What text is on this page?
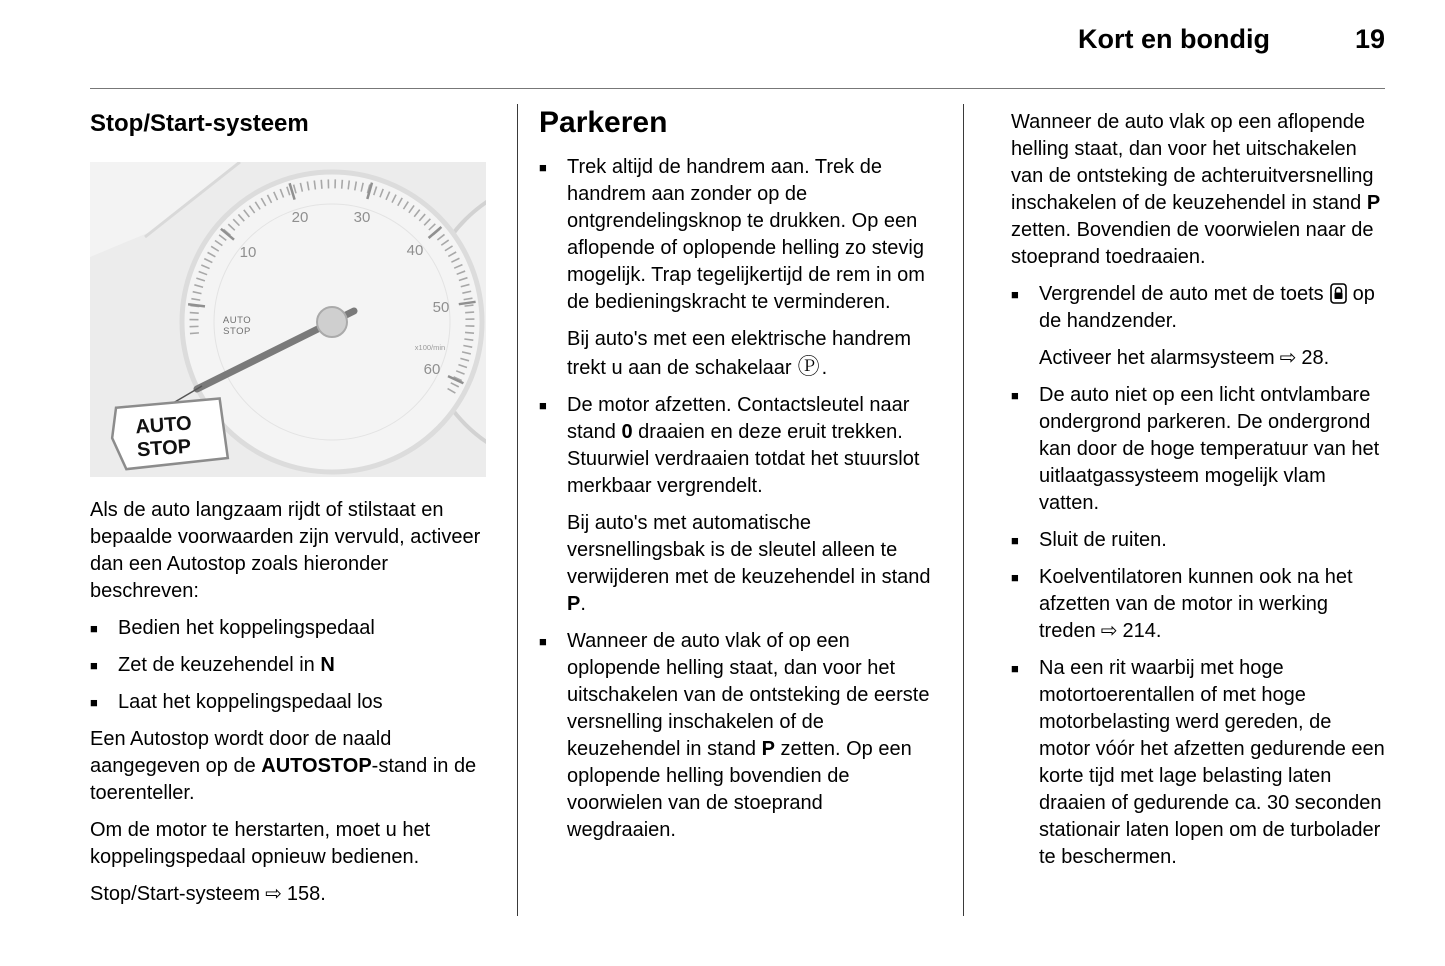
Kort en bondig	19
Stop/Start-systeem
10
20	30
40
50
60
x100/min
AUTO
STOP
AUTO
STOP

Als de auto langzaam rijdt of stilstaat en bepaalde voorwaarden zijn vervuld, activeer dan een Autostop zoals hieronder beschreven:

■	Bedien het koppelingspedaal
■	Zet de keuzehendel in N
■	Laat het koppelingspedaal los

Een Autostop wordt door de naald aangegeven op de AUTOSTOP-stand in de toerenteller.

Om de motor te herstarten, moet u het koppelingspedaal opnieuw bedienen.

Stop/Start-systeem ⇨ 158.

Parkeren
■	Trek altijd de handrem aan. Trek de handrem aan zonder op de ontgrendelingsknop te drukken. Op een aflopende of oplopende helling zo stevig mogelijk. Trap tegelijkertijd de rem in om de bedieningskracht te verminderen.

Bij auto's met een elektrische handrem trekt u aan de schakelaar Ⓟ .

■	De motor afzetten. Contactsleutel naar stand 0 draaien en deze eruit trekken. Stuurwiel verdraaien totdat het stuurslot merkbaar vergrendelt.

Bij auto's met automatische versnellingsbak is de sleutel alleen te verwijderen met de keuzehendel in stand P.

■	Wanneer de auto vlak of op een oplopende helling staat, dan voor het uitschakelen van de ontsteking de eerste versnelling inschakelen of de keuzehendel in stand P zetten. Op een oplopende helling bovendien de voorwielen van de stoeprand wegdraaien.

Wanneer de auto vlak op een aflopende helling staat, dan voor het uitschakelen van de ontsteking de achteruitversnelling inschakelen of de keuzehendel in stand P zetten. Bovendien de voorwielen naar de stoeprand toedraaien.

■	Vergrendel de auto met de toets op de handzender.

Activeer het alarmsysteem ⇨ 28.

■	De auto niet op een licht ontvlambare ondergrond parkeren. De ondergrond kan door de hoge temperatuur van het uitlaatgassysteem mogelijk vlam vatten.
■	Sluit de ruiten.
■	Koelventilatoren kunnen ook na het afzetten van de motor in werking treden ⇨ 214.
■	Na een rit waarbij met hoge motortoerentallen of met hoge motorbelasting werd gereden, de motor vóór het afzetten gedurende een korte tijd met lage belasting laten draaien of gedurende ca. 30 seconden stationair laten lopen om de turbolader te beschermen.
